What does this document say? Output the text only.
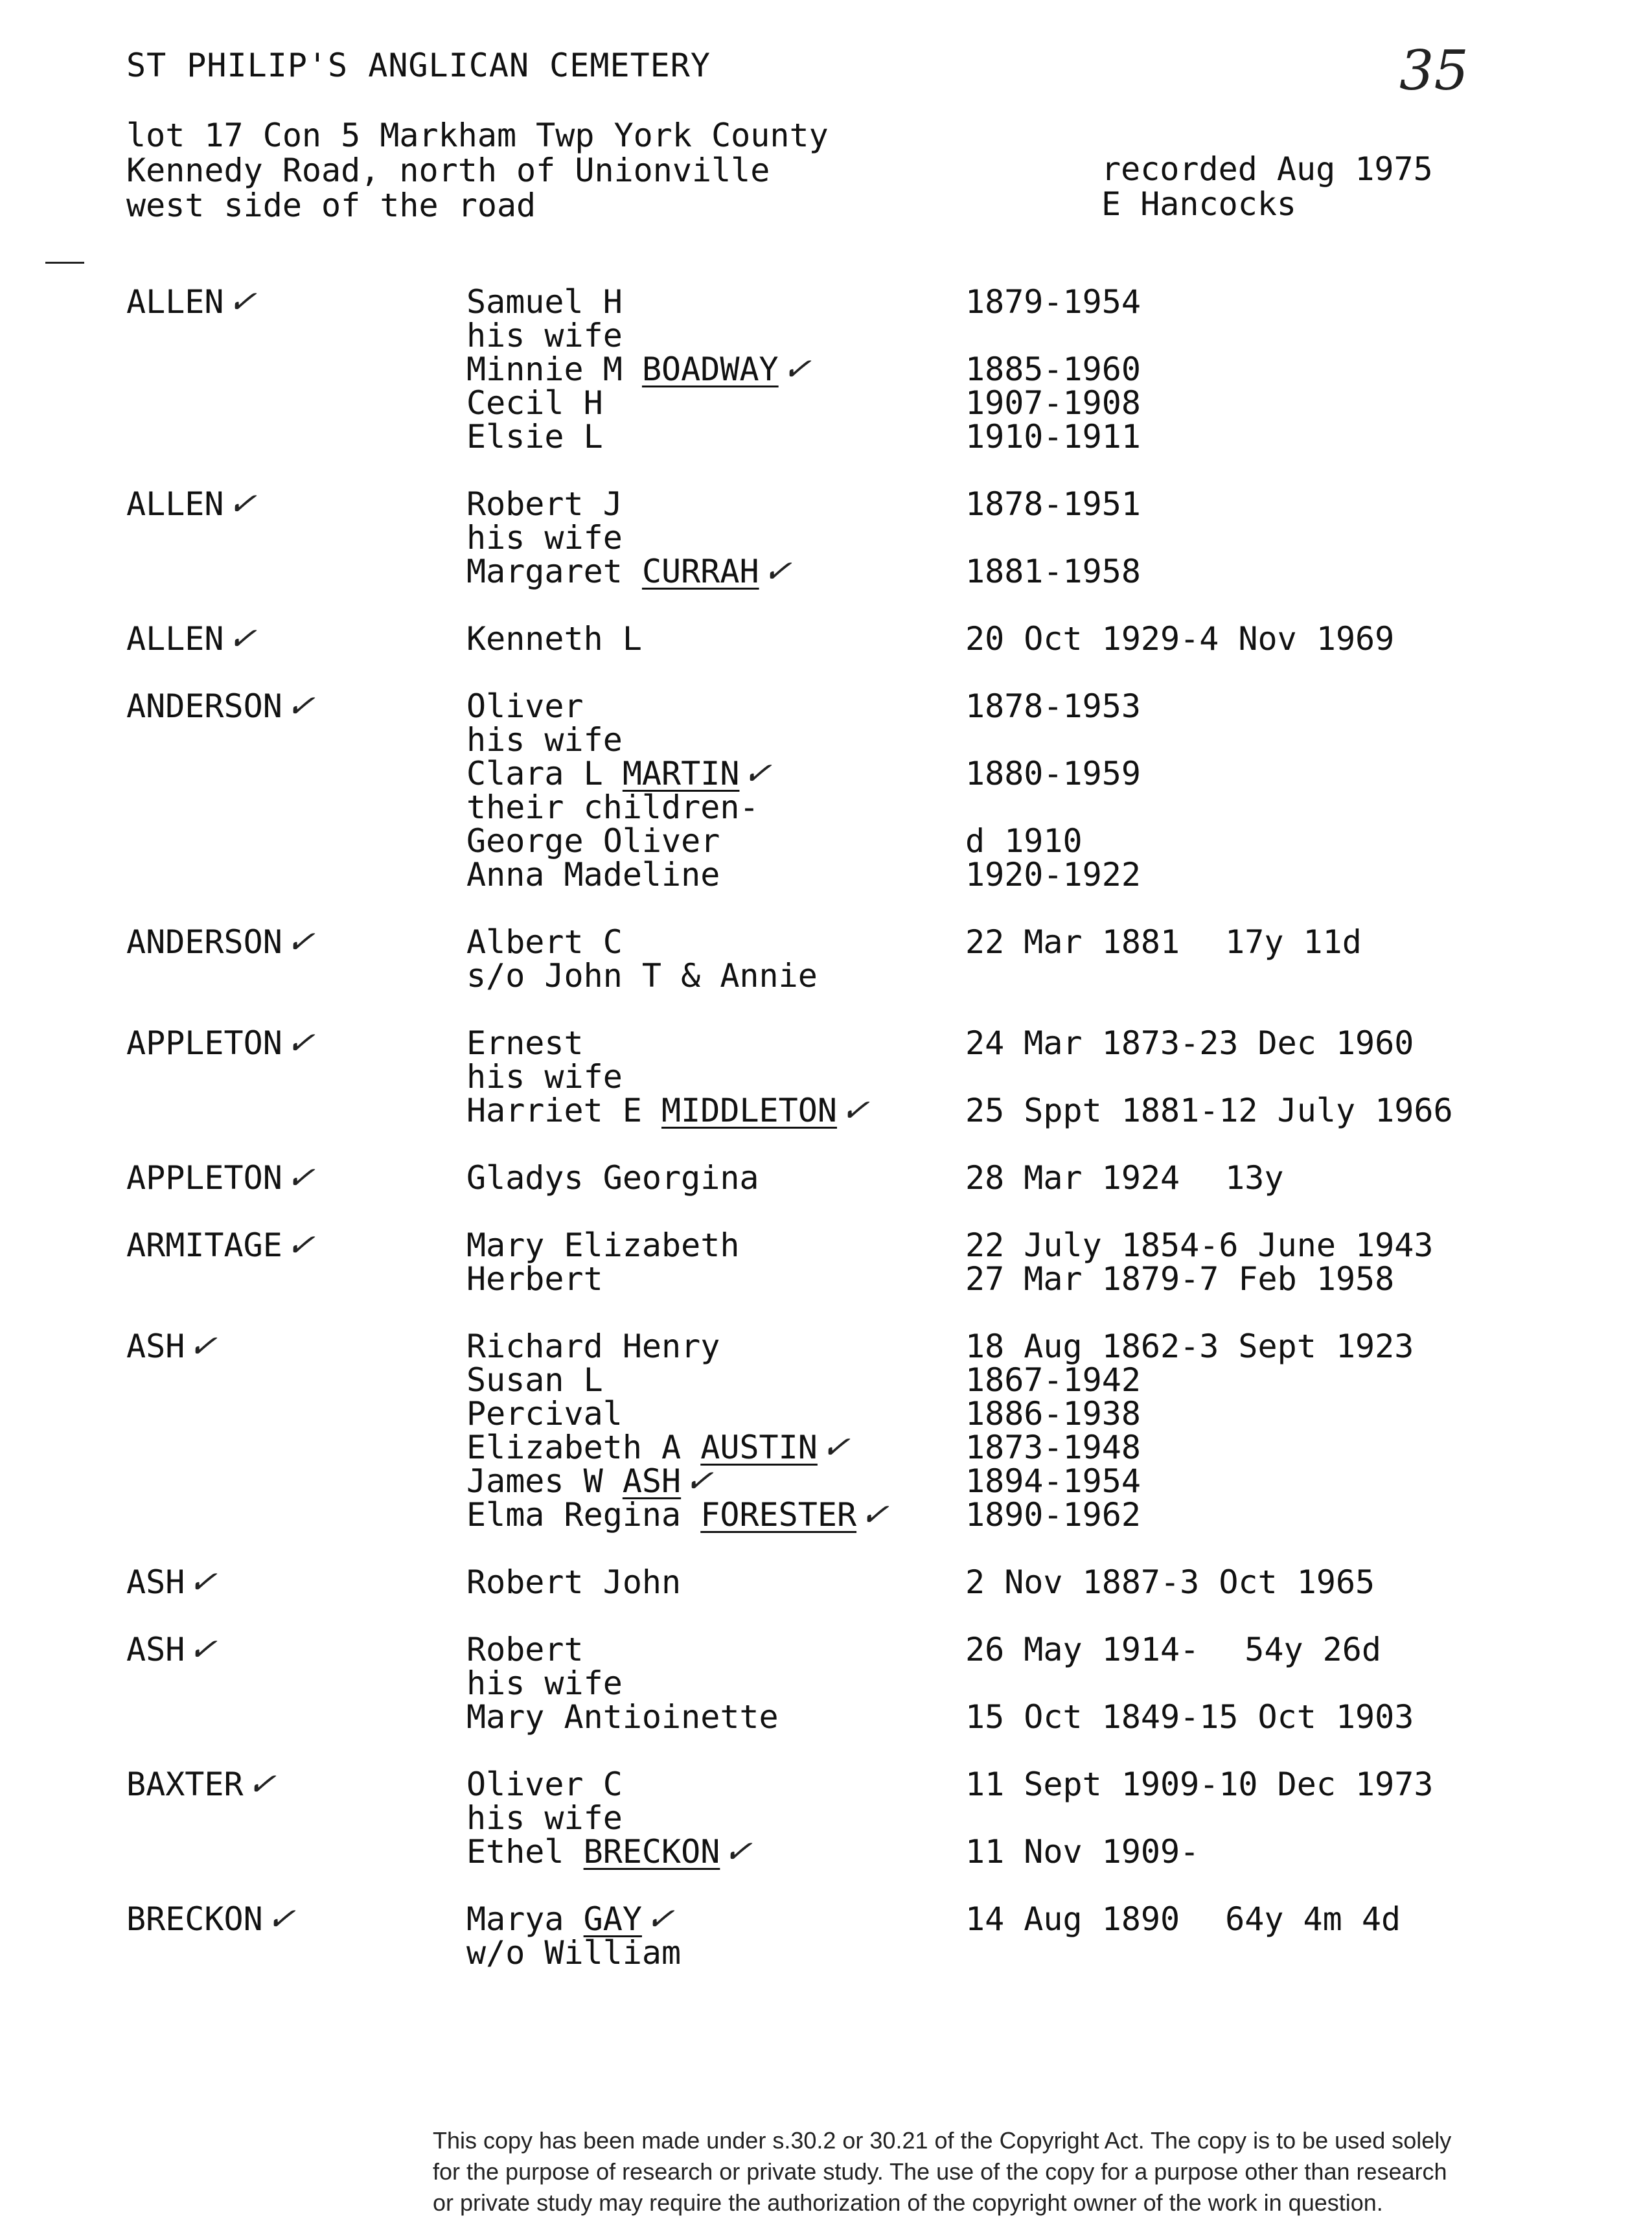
ST PHILIP'S ANGLICAN CEMETERY	35
lot 17 Con 5 Markham Twp York County
Kennedy Road, north of Unionville
west side of the road
recorded Aug 1975
E Hancocks
ALLEN✓	Samuel H	1879-1954
his wife
Minnie M BOADWAY✓	1885-1960
Cecil H	1907-1908
Elsie L	1910-1911
ALLEN✓	Robert J	1878-1951
his wife
Margaret CURRAH✓	1881-1958
ALLEN✓	Kenneth L	20 Oct 1929-4 Nov 1969
ANDERSON✓	Oliver	1878-1953
his wife
Clara L MARTIN✓	1880-1959
their children-
George Oliver	d 1910
Anna Madeline	1920-1922
ANDERSON✓	Albert C	22 Mar 1881 17y 11d
s/o John T & Annie
APPLETON✓	Ernest	24 Mar 1873-23 Dec 1960
his wife
Harriet E MIDDLETON✓	25 Sppt 1881-12 July 1966
APPLETON✓	Gladys Georgina	28 Mar 1924 13y
ARMITAGE✓	Mary Elizabeth	22 July 1854-6 June 1943
Herbert	27 Mar 1879-7 Feb 1958
ASH✓	Richard Henry	18 Aug 1862-3 Sept 1923
Susan L	1867-1942
Percival	1886-1938
Elizabeth A AUSTIN✓	1873-1948
James W ASH✓	1894-1954
Elma Regina FORESTER✓	1890-1962
ASH✓	Robert John	2 Nov 1887-3 Oct 1965
ASH✓	Robert	26 May 1914- 54y 26d
his wife
Mary Antioinette	15 Oct 1849-15 Oct 1903
BAXTER✓	Oliver C	11 Sept 1909-10 Dec 1973
his wife
Ethel BRECKON✓	11 Nov 1909-
BRECKON✓	Marya GAY✓	14 Aug 1890 64y 4m 4d
w/o William

This copy has been made under s.30.2 or 30.21 of the Copyright Act. The copy is to be used solely

for the purpose of research or private study. The use of the copy for a purpose other than research

or private study may require the authorization of the copyright owner of the work in question.
